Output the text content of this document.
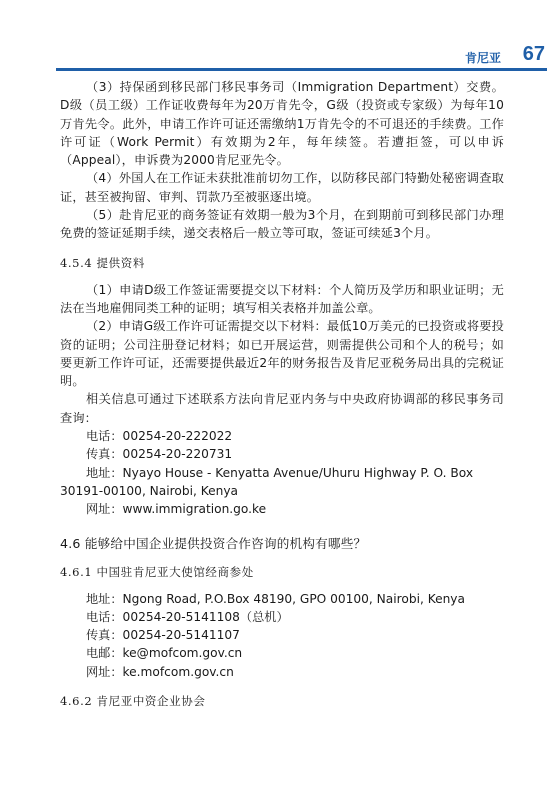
肯尼亚 67

（3）持保函到移民部门移民事务司（Immigration Department）交费。D级（员工级）工作证收费每年为20万肯先令，G级（投资或专家级）为每年10万肯先令。此外，申请工作许可证还需缴纳1万肯先令的不可退还的手续费。工作许可证（Work Permit）有效期为2年，每年续签。若遭拒签，可以申诉（Appeal），申诉费为2000肯尼亚先令。

（4）外国人在工作证未获批准前切勿工作，以防移民部门特勤处秘密调查取证，甚至被拘留、审判、罚款乃至被驱逐出境。

（5）赴肯尼亚的商务签证有效期一般为3个月，在到期前可到移民部门办理免费的签证延期手续，递交表格后一般立等可取，签证可续延3个月。

4.5.4 提供资料

（1）申请D级工作签证需要提交以下材料：个人简历及学历和职业证明；无法在当地雇佣同类工种的证明；填写相关表格并加盖公章。

（2）申请G级工作许可证需提交以下材料：最低10万美元的已投资或将要投资的证明；公司注册登记材料；如已开展运营，则需提供公司和个人的税号；如要更新工作许可证，还需要提供最近2年的财务报告及肯尼亚税务局出具的完税证明。

相关信息可通过下述联系方法向肯尼亚内务与中央政府协调部的移民事务司查询：

电话：00254-20-222022
传真：00254-20-220731
地址：Nyayo House - Kenyatta Avenue/Uhuru Highway P. O. Box
30191-00100, Nairobi, Kenya
网址：www.immigration.go.ke
4.6 能够给中国企业提供投资合作咨询的机构有哪些？
4.6.1 中国驻肯尼亚大使馆经商参处
地址：Ngong Road, P.O.Box 48190, GPO 00100, Nairobi, Kenya
电话：00254-20-5141108（总机）
传真：00254-20-5141107
电邮：ke@mofcom.gov.cn
网址：ke.mofcom.gov.cn
4.6.2 肯尼亚中资企业协会
